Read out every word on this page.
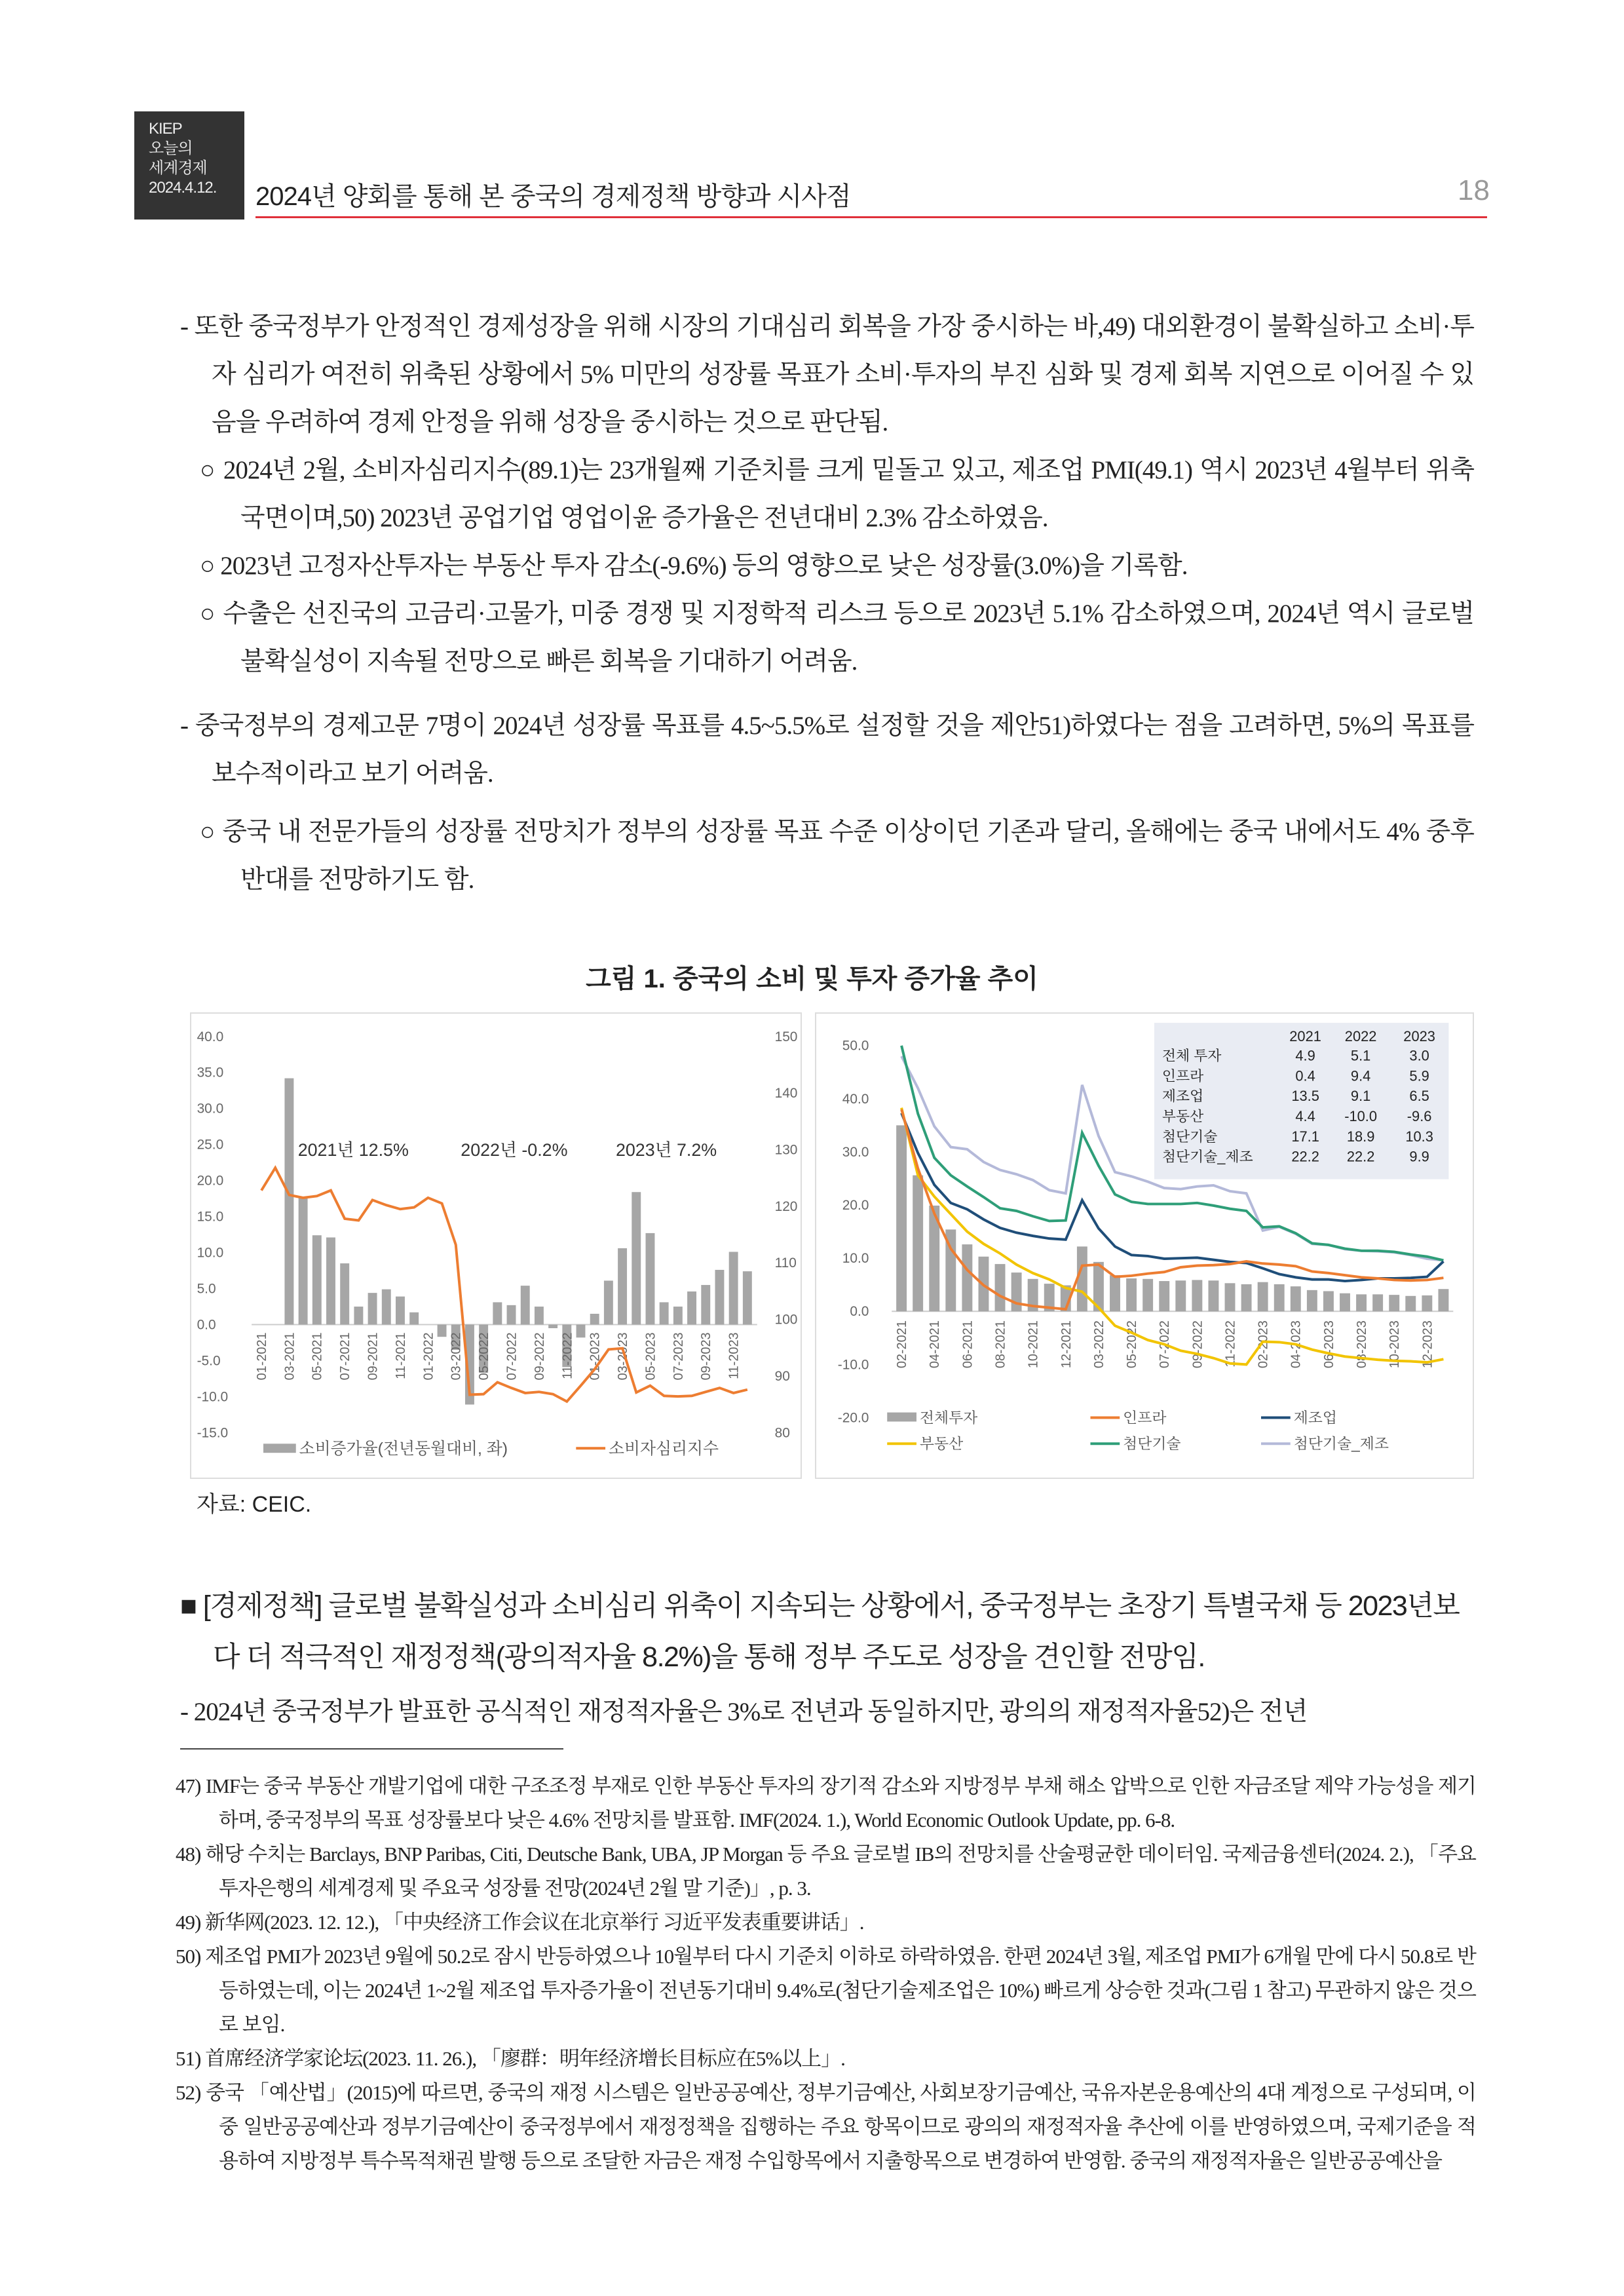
KIEP
오늘의
세계경제
2024.4.12.	2024년 양회를 통해 본 중국의 경제정책 방향과 시사점	18
- 또한 중국정부가 안정적인 경제성장을 위해 시장의 기대심리 회복을 가장 중시하는 바,49) 대외환경이 불확실하고 소비·투자 심리가 여전히 위축된 상황에서 5% 미만의 성장률 목표가 소비·투자의 부진 심화 및 경제 회복 지연으로 이어질 수 있음을 우려하여 경제 안정을 위해 성장을 중시하는 것으로 판단됨.
○ 2024년 2월, 소비자심리지수(89.1)는 23개월째 기준치를 크게 밑돌고 있고, 제조업 PMI(49.1) 역시 2023년 4월부터 위축 국면이며,50) 2023년 공업기업 영업이윤 증가율은 전년대비 2.3% 감소하였음.
○ 2023년 고정자산투자는 부동산 투자 감소(-9.6%) 등의 영향으로 낮은 성장률(3.0%)을 기록함.
○ 수출은 선진국의 고금리·고물가, 미중 경쟁 및 지정학적 리스크 등으로 2023년 5.1% 감소하였으며, 2024년 역시 글로벌 불확실성이 지속될 전망으로 빠른 회복을 기대하기 어려움.
- 중국정부의 경제고문 7명이 2024년 성장률 목표를 4.5~5.5%로 설정할 것을 제안51)하였다는 점을 고려하면, 5%의 목표를 보수적이라고 보기 어려움.
○ 중국 내 전문가들의 성장률 전망치가 정부의 성장률 목표 수준 이상이던 기존과 달리, 올해에는 중국 내에서도 4% 중후반대를 전망하기도 함.
그림 1. 중국의 소비 및 투자 증가율 추이
40.0
35.0
30.0
25.0
20.0
15.0
10.0
5.0
0.0
-5.0
-10.0
-15.0
150
140
130
120
110
100
90
80
01-2021 03-2021 05-2021 07-2021 09-2021 11-2021 01-2022 03-2022 05-2022 07-2022 09-2022 11-2022 01-2023 03-2023 05-2023 07-2023 09-2023 11-2023
2021년 12.5%	2022년 -0.2%	2023년 7.2%
소비증가율(전년동월대비, 좌)	소비자심리지수
50.0
40.0
30.0
20.0
10.0
0.0
-10.0
-20.0
02-2021 04-2021 06-2021 08-2021 10-2021 12-2021 03-2022 05-2022 07-2022 09-2022 11-2022 02-2023 04-2023 06-2023 08-2023 10-2023 12-2023
2021 2022 2023
전체 투자	4.9 5.1	3.0
인프라	0.4 9.4	5.9
제조업	13.5 9.1	6.5
부동산	4.4 -10.0 -9.6
첨단기술	17.1 18.9 10.3
첨단기술_제조	22.2 22.2 9.9
전체투자	인프라	제조업
부동산	첨단기술	첨단기술_제조
자료: CEIC.
■ [경제정책] 글로벌 불확실성과 소비심리 위축이 지속되는 상황에서, 중국정부는 초장기 특별국채 등 2023년보다 더 적극적인 재정정책(광의적자율 8.2%)을 통해 정부 주도로 성장을 견인할 전망임.
- 2024년 중국정부가 발표한 공식적인 재정적자율은 3%로 전년과 동일하지만, 광의의 재정적자율52)은 전년
47) IMF는 중국 부동산 개발기업에 대한 구조조정 부재로 인한 부동산 투자의 장기적 감소와 지방정부 부채 해소 압박으로 인한 자금조달 제약 가능성을 제기하며, 중국정부의 목표 성장률보다 낮은 4.6% 전망치를 발표함. IMF(2024. 1.), World Economic Outlook Update, pp. 6-8.
48) 해당 수치는 Barclays, BNP Paribas, Citi, Deutsche Bank, UBA, JP Morgan 등 주요 글로벌 IB의 전망치를 산술평균한 데이터임. 국제금융센터(2024. 2.), 「주요 투자은행의 세계경제 및 주요국 성장률 전망(2024년 2월 말 기준)」, p. 3.
49) 新华网(2023. 12. 12.), 「中央经济工作会议在北京举行 习近平发表重要讲话」.
50) 제조업 PMI가 2023년 9월에 50.2로 잠시 반등하였으나 10월부터 다시 기준치 이하로 하락하였음. 한편 2024년 3월, 제조업 PMI가 6개월 만에 다시 50.8로 반등하였는데, 이는 2024년 1~2월 제조업 투자증가율이 전년동기대비 9.4%로(첨단기술제조업은 10%) 빠르게 상승한 것과(그림 1 참고) 무관하지 않은 것으로 보임.
51) 首席经济学家论坛(2023. 11. 26.), 「廖群：明年经济增长目标应在5%以上」.
52) 중국 「예산법」(2015)에 따르면, 중국의 재정 시스템은 일반공공예산, 정부기금예산, 사회보장기금예산, 국유자본운용예산의 4대 계정으로 구성되며, 이 중 일반공공예산과 정부기금예산이 중국정부에서 재정정책을 집행하는 주요 항목이므로 광의의 재정적자율 추산에 이를 반영하였으며, 국제기준을 적용하여 지방정부 특수목적채권 발행 등으로 조달한 자금은 재정 수입항목에서 지출항목으로 변경하여 반영함. 중국의 재정적자율은 일반공공예산을
